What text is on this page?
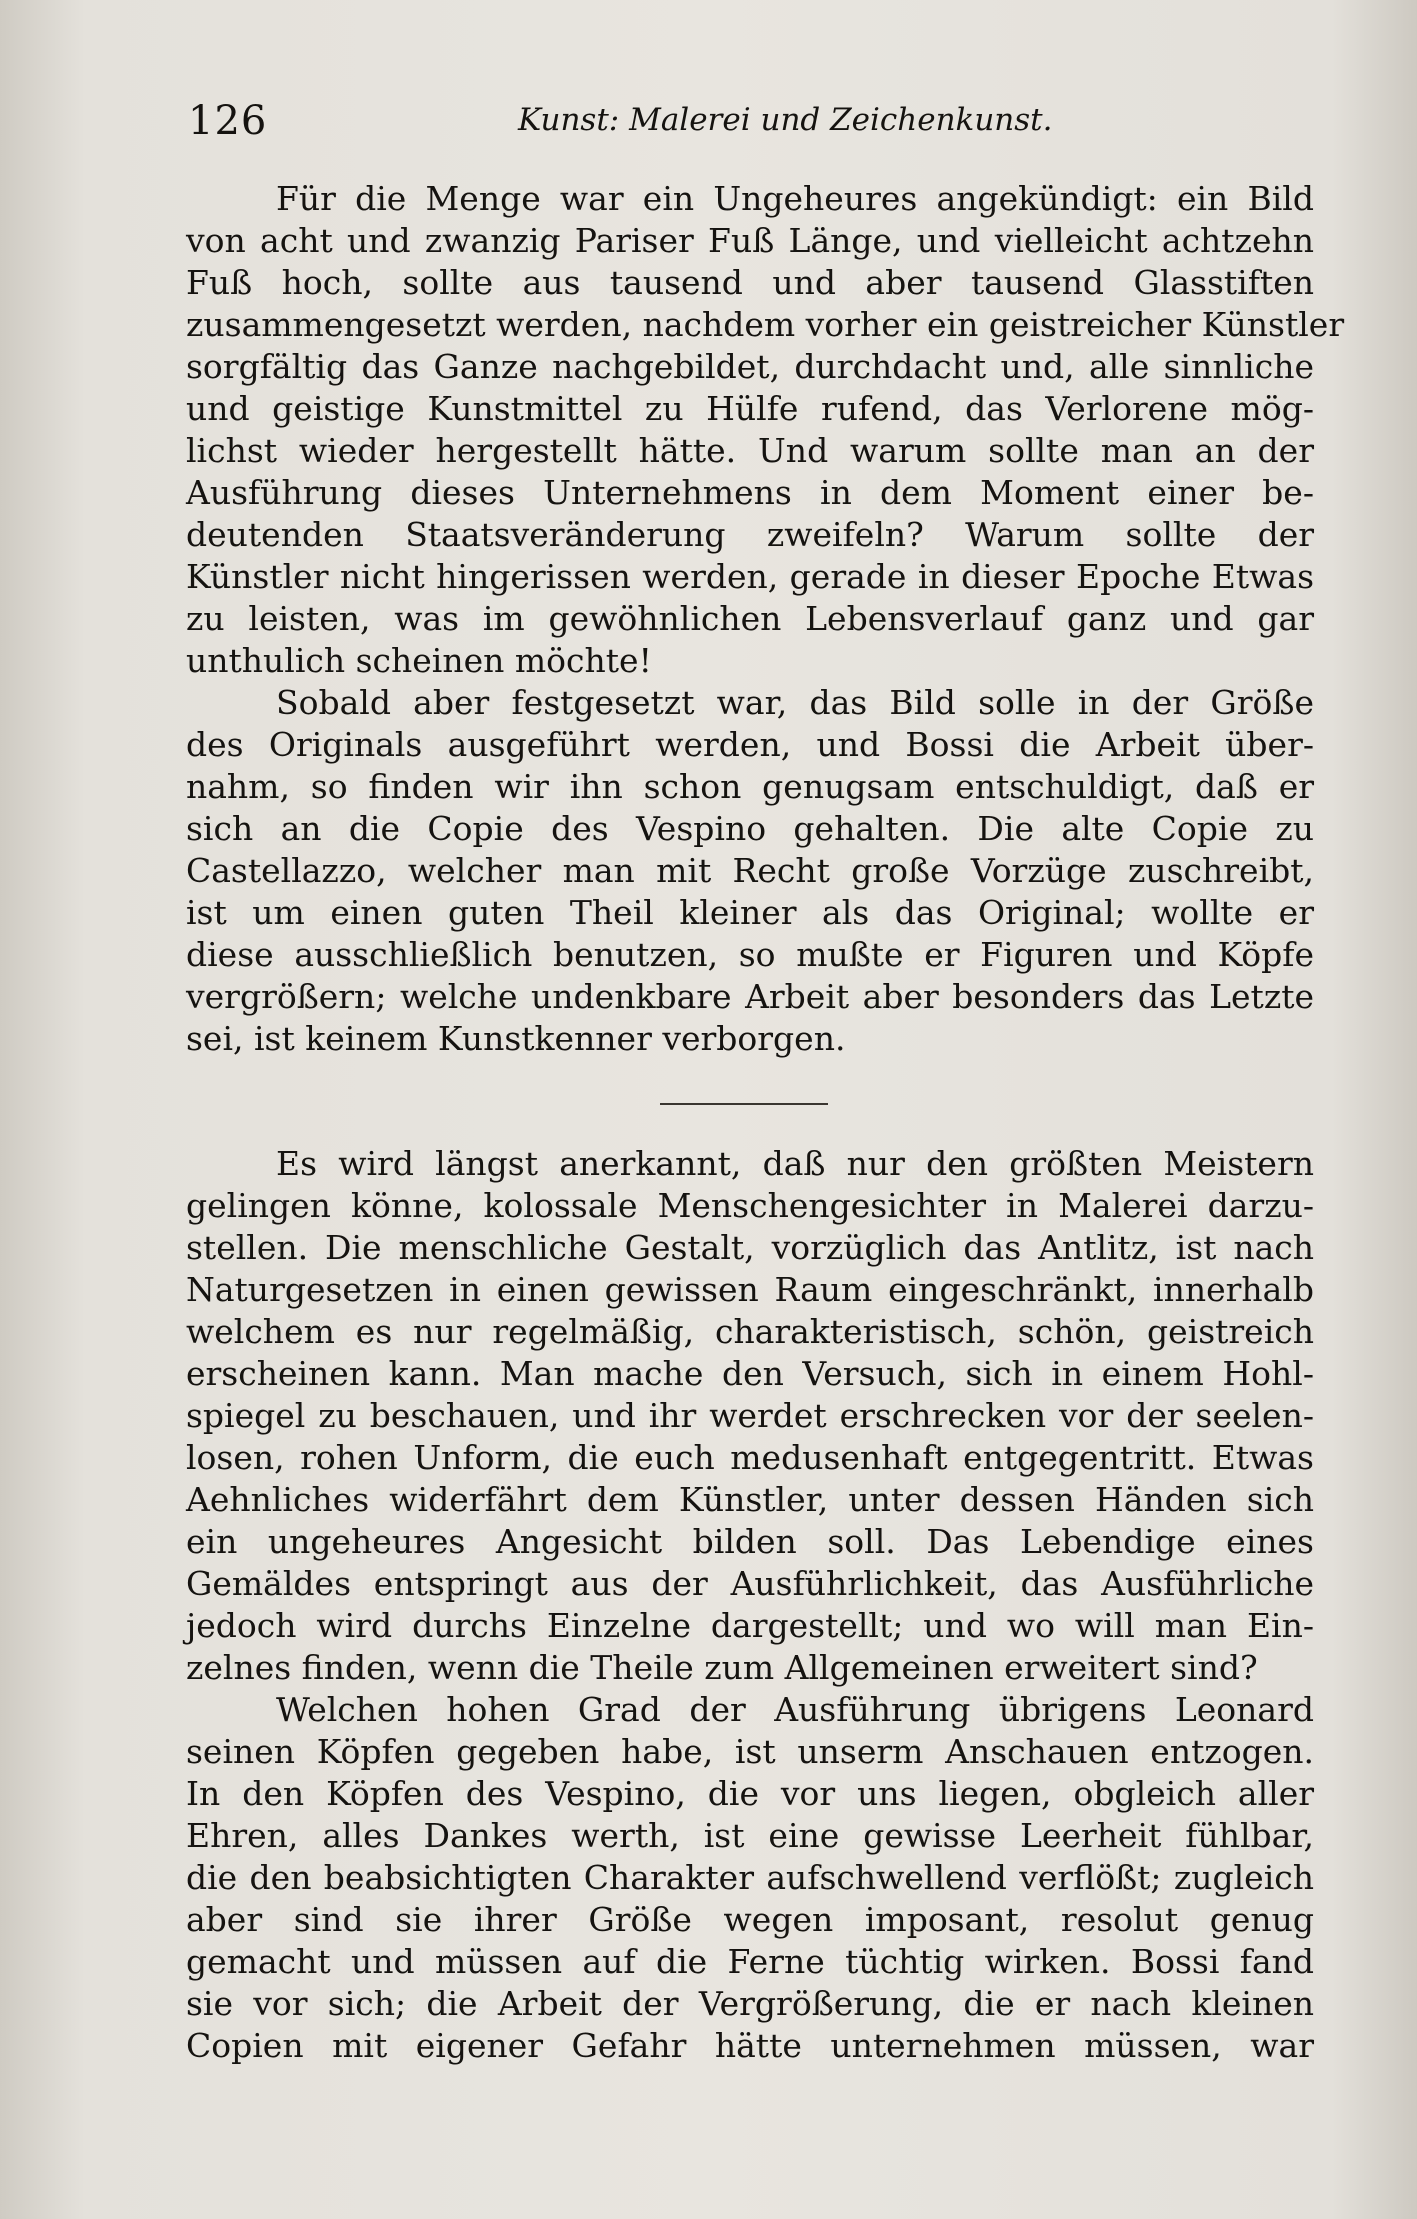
126	Kunst: Malerei und Zeichenkunst.
Für die Menge war ein Ungeheures angekündigt: ein Bild
von acht und zwanzig Pariser Fuß Länge, und vielleicht achtzehn
Fuß hoch, sollte aus tausend und aber tausend Glasstiften
zusammengesetzt werden, nachdem vorher ein geistreicher Künstler
sorgfältig das Ganze nachgebildet, durchdacht und, alle sinnliche
und geistige Kunstmittel zu Hülfe rufend, das Verlorene mög-
lichst wieder hergestellt hätte. Und warum sollte man an der
Ausführung dieses Unternehmens in dem Moment einer be-
deutenden Staatsveränderung zweifeln? Warum sollte der
Künstler nicht hingerissen werden, gerade in dieser Epoche Etwas
zu leisten, was im gewöhnlichen Lebensverlauf ganz und gar
unthulich scheinen möchte!
Sobald aber festgesetzt war, das Bild solle in der Größe
des Originals ausgeführt werden, und Bossi die Arbeit über-
nahm, so finden wir ihn schon genugsam entschuldigt, daß er
sich an die Copie des Vespino gehalten. Die alte Copie zu
Castellazzo, welcher man mit Recht große Vorzüge zuschreibt,
ist um einen guten Theil kleiner als das Original; wollte er
diese ausschließlich benutzen, so mußte er Figuren und Köpfe
vergrößern; welche undenkbare Arbeit aber besonders das Letzte
sei, ist keinem Kunstkenner verborgen.
Es wird längst anerkannt, daß nur den größten Meistern
gelingen könne, kolossale Menschengesichter in Malerei darzu-
stellen. Die menschliche Gestalt, vorzüglich das Antlitz, ist nach
Naturgesetzen in einen gewissen Raum eingeschränkt, innerhalb
welchem es nur regelmäßig, charakteristisch, schön, geistreich
erscheinen kann. Man mache den Versuch, sich in einem Hohl-
spiegel zu beschauen, und ihr werdet erschrecken vor der seelen-
losen, rohen Unform, die euch medusenhaft entgegentritt. Etwas
Aehnliches widerfährt dem Künstler, unter dessen Händen sich
ein ungeheures Angesicht bilden soll. Das Lebendige eines
Gemäldes entspringt aus der Ausführlichkeit, das Ausführliche
jedoch wird durchs Einzelne dargestellt; und wo will man Ein-
zelnes finden, wenn die Theile zum Allgemeinen erweitert sind?
Welchen hohen Grad der Ausführung übrigens Leonard
seinen Köpfen gegeben habe, ist unserm Anschauen entzogen.
In den Köpfen des Vespino, die vor uns liegen, obgleich aller
Ehren, alles Dankes werth, ist eine gewisse Leerheit fühlbar,
die den beabsichtigten Charakter aufschwellend verflößt; zugleich
aber sind sie ihrer Größe wegen imposant, resolut genug
gemacht und müssen auf die Ferne tüchtig wirken. Bossi fand
sie vor sich; die Arbeit der Vergrößerung, die er nach kleinen
Copien mit eigener Gefahr hätte unternehmen müssen, war
